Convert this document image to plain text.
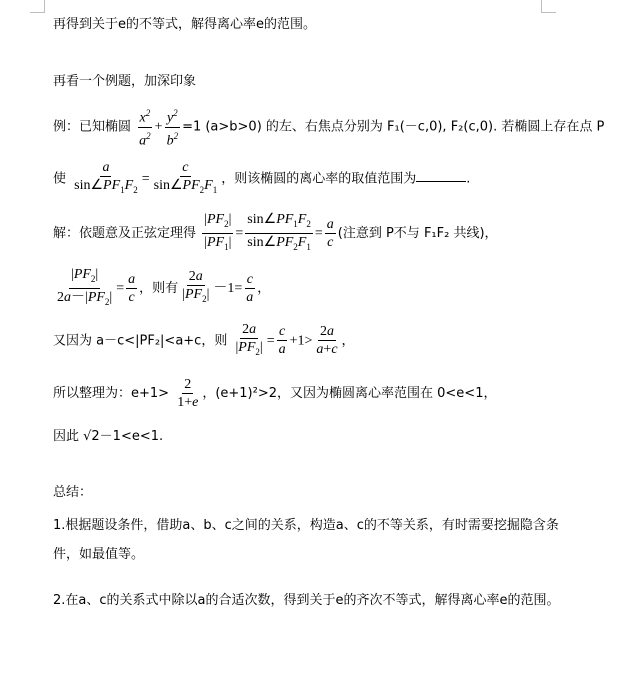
再得到关于e的不等式，解得离心率e的范围。
再看一个例题，加深印象
例：已知椭圆 $\frac{x^2}{a^2} + \frac{y^2}{b^2} =1$ (a>b>0) 的左、右焦点分别为 F₁(－c,0), F₂(c,0). 若椭圆上存在点 P
使 $\frac{a}{\sin\angle PF_1F_2} = \frac{c}{\sin\angle PF_2F_1}$ ，则该椭圆的离心率的取值范围为	.
解：依题意及正弦定理得 $\frac{|PF_2|}{|PF_1|} = \frac{\sin\angle PF_1F_2}{\sin\angle PF_2F_1} = \frac{a}{c}$ (注意到 P不与 F₁F₂ 共线)，
$\frac{|PF_2|}{2a-|PF_2|} = \frac{a}{c}$ ，则有 $\frac{2a}{|PF_2|} -1= \frac{c}{a}$ ，
又因为 a－c<|PF₂|<a+c，则 $\frac{2a}{|PF_2|} = \frac{c}{a} +1> \frac{2a}{a+c}$ ，
所以整理为：$e+1> \frac{2}{1+e}$ ，(e+1)²>2，又因为椭圆离心率范围在 0<e<1，
因此 √2－1<e<1.
总结：
1.根据题设条件，借助a、b、c之间的关系，构造a、c的不等关系，有时需要挖掘隐含条
件，如最值等。
2.在a、c的关系式中除以a的合适次数，得到关于e的齐次不等式，解得离心率e的范围。
